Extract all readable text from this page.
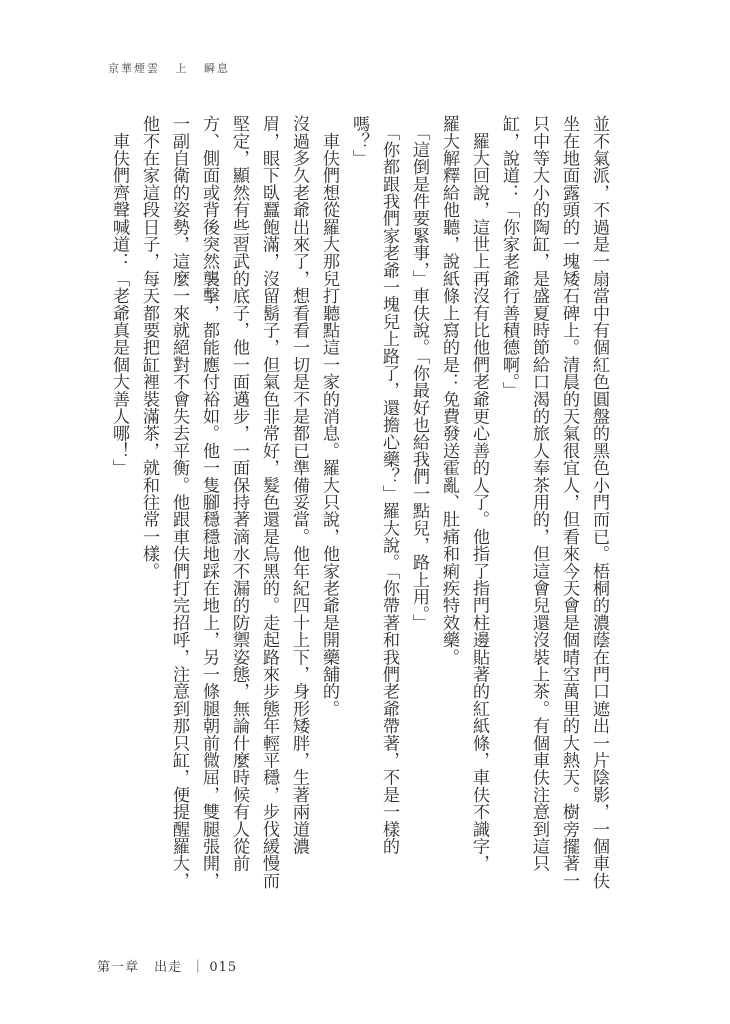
京華煙雲 上 瞬息
並不氣派，不過是一扇當中有個紅色圓盤的黑色小門而已。梧桐的濃蔭在門口遮出一片陰影，一個車伕
坐在地面露頭的一塊矮石碑上。清晨的天氣很宜人，但看來今天會是個晴空萬里的大熱天。樹旁擺著一
只中等大小的陶缸，是盛夏時節給口渴的旅人奉茶用的，但這會兒還沒裝上茶。有個車伕注意到這只
缸，說道：「你家老爺行善積德啊。」
　羅大回說，這世上再沒有比他們老爺更心善的人了。他指了指門柱邊貼著的紅紙條，車伕不識字，
羅大解釋給他聽，說紙條上寫的是：免費發送霍亂、肚痛和痢疾特效藥。
　「這倒是件要緊事，」車伕說。「你最好也給我們一點兒，路上用。」
　「你都跟我們家老爺一塊兒上路了，還擔心藥？」羅大說。「你帶著和我們老爺帶著，不是一樣的
嗎？」
　車伕們想從羅大那兒打聽點這一家的消息。羅大只說，他家老爺是開藥舖的。
沒過多久老爺出來了，想看看一切是不是都已準備妥當。他年紀四十上下，身形矮胖，生著兩道濃
眉，眼下臥蠶飽滿，沒留鬍子，但氣色非常好，髮色還是烏黑的。走起路來步態年輕平穩，步伐緩慢而
堅定，顯然有些習武的底子，他一面邁步，一面保持著滴水不漏的防禦姿態，無論什麼時候有人從前
方、側面或背後突然襲擊，都能應付裕如。他一隻腳穩穩地踩在地上，另一條腿朝前微屈，雙腿張開，
一副自衛的姿勢，這麼一來就絕對不會失去平衡。他跟車伕們打完招呼，注意到那只缸，便提醒羅大，
他不在家這段日子，每天都要把缸裡裝滿茶，就和往常一樣。
　車伕們齊聲喊道：「老爺真是個大善人哪！」
第一章 出走 ｜ 015
